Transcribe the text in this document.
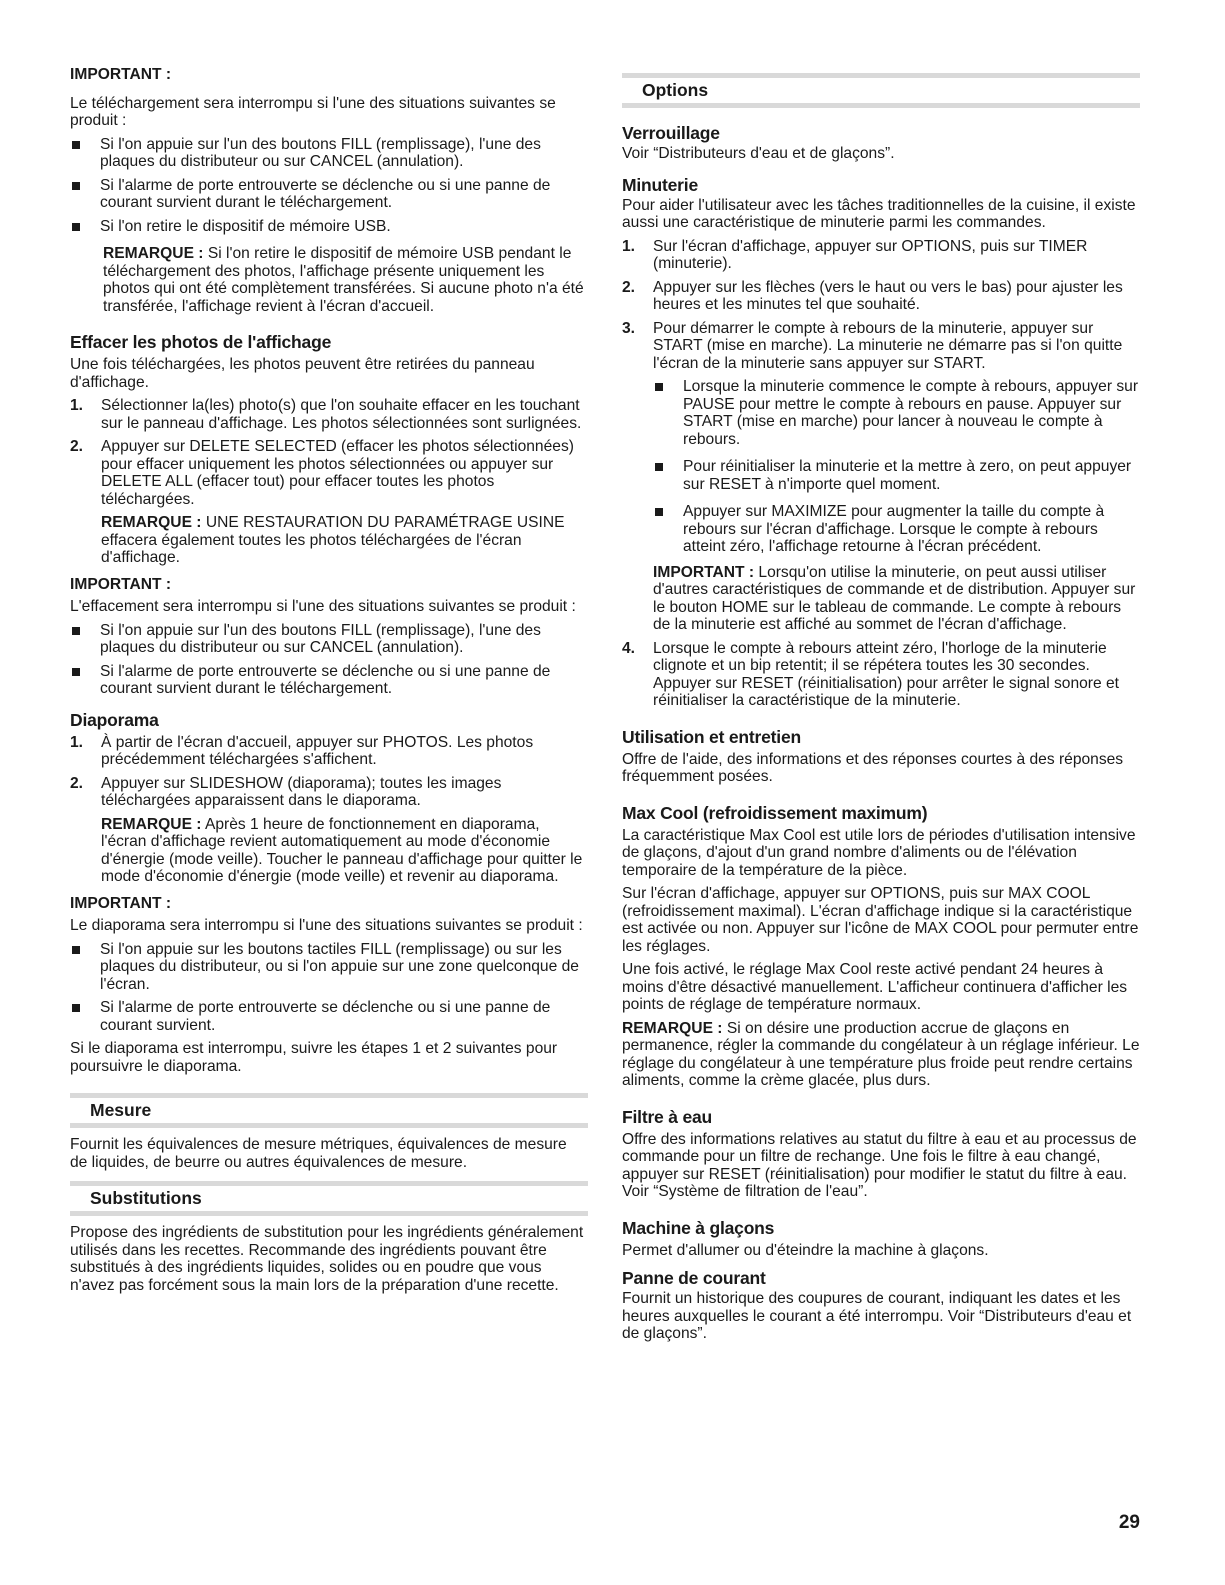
IMPORTANT :

Le téléchargement sera interrompu si l'une des situations suivantes se produit :

Si l'on appuie sur l'un des boutons FILL (remplissage), l'une des plaques du distributeur ou sur CANCEL (annulation).
Si l'alarme de porte entrouverte se déclenche ou si une panne de courant survient durant le téléchargement.
Si l'on retire le dispositif de mémoire USB.

REMARQUE : Si l'on retire le dispositif de mémoire USB pendant le téléchargement des photos, l'affichage présente uniquement les photos qui ont été complètement transférées. Si aucune photo n'a été transférée, l'affichage revient à l'écran d'accueil.

Effacer les photos de l'affichage

Une fois téléchargées, les photos peuvent être retirées du panneau d'affichage.

1.	Sélectionner la(les) photo(s) que l'on souhaite effacer en les touchant sur le panneau d'affichage. Les photos sélectionnées sont surlignées.
2.	Appuyer sur DELETE SELECTED (effacer les photos sélectionnées) pour effacer uniquement les photos sélectionnées ou appuyer sur DELETE ALL (effacer tout) pour effacer toutes les photos téléchargées.

REMARQUE : UNE RESTAURATION DU PARAMÉTRAGE USINE effacera également toutes les photos téléchargées de l'écran d'affichage.

IMPORTANT :

L'effacement sera interrompu si l'une des situations suivantes se produit :

Si l'on appuie sur l'un des boutons FILL (remplissage), l'une des plaques du distributeur ou sur CANCEL (annulation).
Si l'alarme de porte entrouverte se déclenche ou si une panne de courant survient durant le téléchargement.
Diaporama
1.	À partir de l'écran d'accueil, appuyer sur PHOTOS. Les photos précédemment téléchargées s'affichent.
2.	Appuyer sur SLIDESHOW (diaporama); toutes les images téléchargées apparaissent dans le diaporama.

REMARQUE : Après 1 heure de fonctionnement en diaporama, l'écran d'affichage revient automatiquement au mode d'économie d'énergie (mode veille). Toucher le panneau d'affichage pour quitter le mode d'économie d'énergie (mode veille) et revenir au diaporama.

IMPORTANT :

Le diaporama sera interrompu si l'une des situations suivantes se produit :

Si l'on appuie sur les boutons tactiles FILL (remplissage) ou sur les plaques du distributeur, ou si l'on appuie sur une zone quelconque de l'écran.
Si l'alarme de porte entrouverte se déclenche ou si une panne de courant survient.

Si le diaporama est interrompu, suivre les étapes 1 et 2 suivantes pour poursuivre le diaporama.

Mesure

Fournit les équivalences de mesure métriques, équivalences de mesure de liquides, de beurre ou autres équivalences de mesure.

Substitutions

Propose des ingrédients de substitution pour les ingrédients généralement utilisés dans les recettes. Recommande des ingrédients pouvant être substitués à des ingrédients liquides, solides ou en poudre que vous n'avez pas forcément sous la main lors de la préparation d'une recette.

Options
Verrouillage

Voir “Distributeurs d'eau et de glaçons”.

Minuterie

Pour aider l'utilisateur avec les tâches traditionnelles de la cuisine, il existe aussi une caractéristique de minuterie parmi les commandes.

1.	Sur l'écran d'affichage, appuyer sur OPTIONS, puis sur TIMER (minuterie).
2.	Appuyer sur les flèches (vers le haut ou vers le bas) pour ajuster les heures et les minutes tel que souhaité.
3.	Pour démarrer le compte à rebours de la minuterie, appuyer sur START (mise en marche). La minuterie ne démarre pas si l'on quitte l'écran de la minuterie sans appuyer sur START.
Lorsque la minuterie commence le compte à rebours, appuyer sur PAUSE pour mettre le compte à rebours en pause. Appuyer sur START (mise en marche) pour lancer à nouveau le compte à rebours.
Pour réinitialiser la minuterie et la mettre à zero, on peut appuyer sur RESET à n'importe quel moment.
Appuyer sur MAXIMIZE pour augmenter la taille du compte à rebours sur l'écran d'affichage. Lorsque le compte à rebours atteint zéro, l'affichage retourne à l'écran précédent.

IMPORTANT : Lorsqu'on utilise la minuterie, on peut aussi utiliser d'autres caractéristiques de commande et de distribution. Appuyer sur le bouton HOME sur le tableau de commande. Le compte à rebours de la minuterie est affiché au sommet de l'écran d'affichage.

4.	Lorsque le compte à rebours atteint zéro, l'horloge de la minuterie clignote et un bip retentit; il se répétera toutes les 30 secondes. Appuyer sur RESET (réinitialisation) pour arrêter le signal sonore et réinitialiser la caractéristique de la minuterie.
Utilisation et entretien

Offre de l'aide, des informations et des réponses courtes à des réponses fréquemment posées.

Max Cool (refroidissement maximum)

La caractéristique Max Cool est utile lors de périodes d'utilisation intensive de glaçons, d'ajout d'un grand nombre d'aliments ou de l'élévation temporaire de la température de la pièce.

Sur l'écran d'affichage, appuyer sur OPTIONS, puis sur MAX COOL (refroidissement maximal). L'écran d'affichage indique si la caractéristique est activée ou non. Appuyer sur l'icône de MAX COOL pour permuter entre les réglages.

Une fois activé, le réglage Max Cool reste activé pendant 24 heures à moins d'être désactivé manuellement. L'afficheur continuera d'afficher les points de réglage de température normaux.

REMARQUE : Si on désire une production accrue de glaçons en permanence, régler la commande du congélateur à un réglage inférieur. Le réglage du congélateur à une température plus froide peut rendre certains aliments, comme la crème glacée, plus durs.

Filtre à eau

Offre des informations relatives au statut du filtre à eau et au processus de commande pour un filtre de rechange. Une fois le filtre à eau changé, appuyer sur RESET (réinitialisation) pour modifier le statut du filtre à eau. Voir “Système de filtration de l'eau”.

Machine à glaçons

Permet d'allumer ou d'éteindre la machine à glaçons.

Panne de courant

Fournit un historique des coupures de courant, indiquant les dates et les heures auxquelles le courant a été interrompu. Voir “Distributeurs d'eau et de glaçons”.

29
